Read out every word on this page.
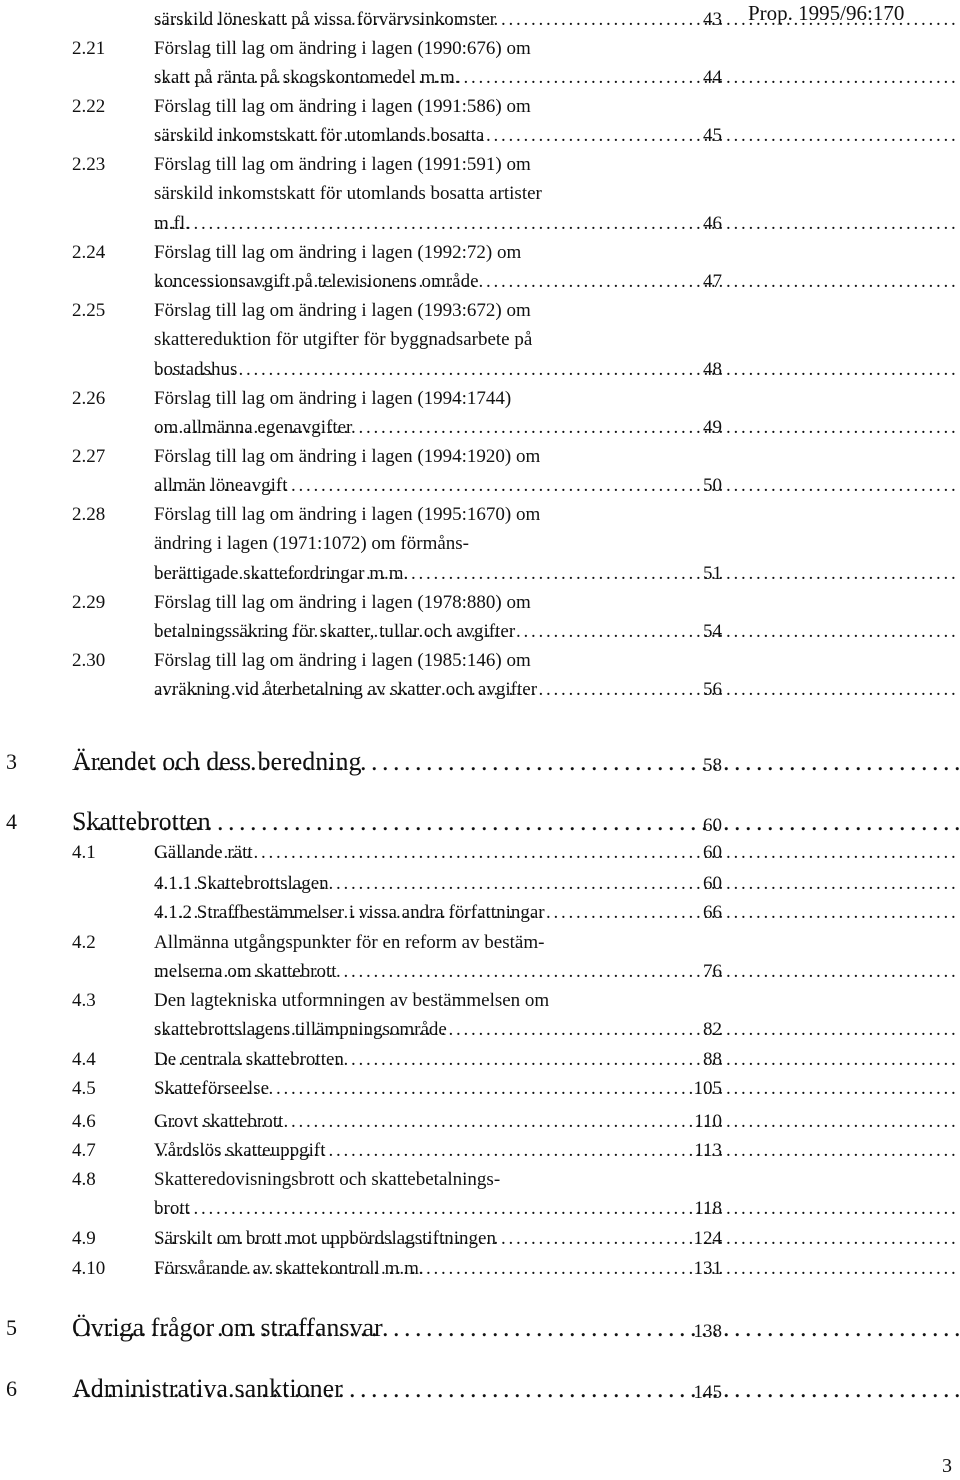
Prop. 1995/96:170
särskild löneskatt på vissa förvärvsinkomster . . .	43
2.21	Förslag till lag om ändring i lagen (1990:676) om
skatt på ränta på skogskontomedel m.m. . . .	44
2.22	Förslag till lag om ändring i lagen (1991:586) om
särskild inkomstskatt för utomlands bosatta . . .	45
2.23	Förslag till lag om ändring i lagen (1991:591) om
särskild inkomstskatt för utomlands bosatta artister
m.fl. . . .	46
2.24	Förslag till lag om ändring i lagen (1992:72) om
koncessionsavgift på televisionens område . . .	47
2.25	Förslag till lag om ändring i lagen (1993:672) om
skattereduktion för utgifter för byggnadsarbete på
bostadshus . . .	48
2.26	Förslag till lag om ändring i lagen (1994:1744)
om allmänna egenavgifter . . .	49
2.27	Förslag till lag om ändring i lagen (1994:1920) om
allmän löneavgift . . .	50
2.28	Förslag till lag om ändring i lagen (1995:1670) om
ändring i lagen (1971:1072) om förmåns-
berättigade skattefordringar m.m. . . .	51
2.29	Förslag till lag om ändring i lagen (1978:880) om
betalningssäkring för skatter, tullar och avgifter . . .	54
2.30	Förslag till lag om ändring i lagen (1985:146) om
avräkning vid återbetalning av skatter och avgifter . . .	56
3 Ärendet och dess beredning . . .	58
4 Skattebrotten . . .	60
4.1	Gällande rätt . . .	60
4.1.1 Skattebrottslagen . . .	60
4.1.2 Straffbestämmelser i vissa andra författningar . . .	66
4.2	Allmänna utgångspunkter för en reform av bestäm-
melserna om skattebrott . . .	76
4.3	Den lagtekniska utformningen av bestämmelsen om
skattebrottslagens tillämpningsområde . . .	82
4.4	De centrala skattebrotten . . .	88
4.5	Skatteförseelse . . .	105
4.6	Grovt skattebrott . . .	110
4.7	Vårdslös skatteuppgift . . .	113
4.8	Skatteredovisningsbrott och skattebetalnings-
brott . . .	118
4.9	Särskilt om brott mot uppbördslagstiftningen . . .	124
4.10	Försvårande av skattekontroll m.m. . . .	131
5 Övriga frågor om straffansvar . . .	138
6 Administrativa sanktioner . . .	145
3
